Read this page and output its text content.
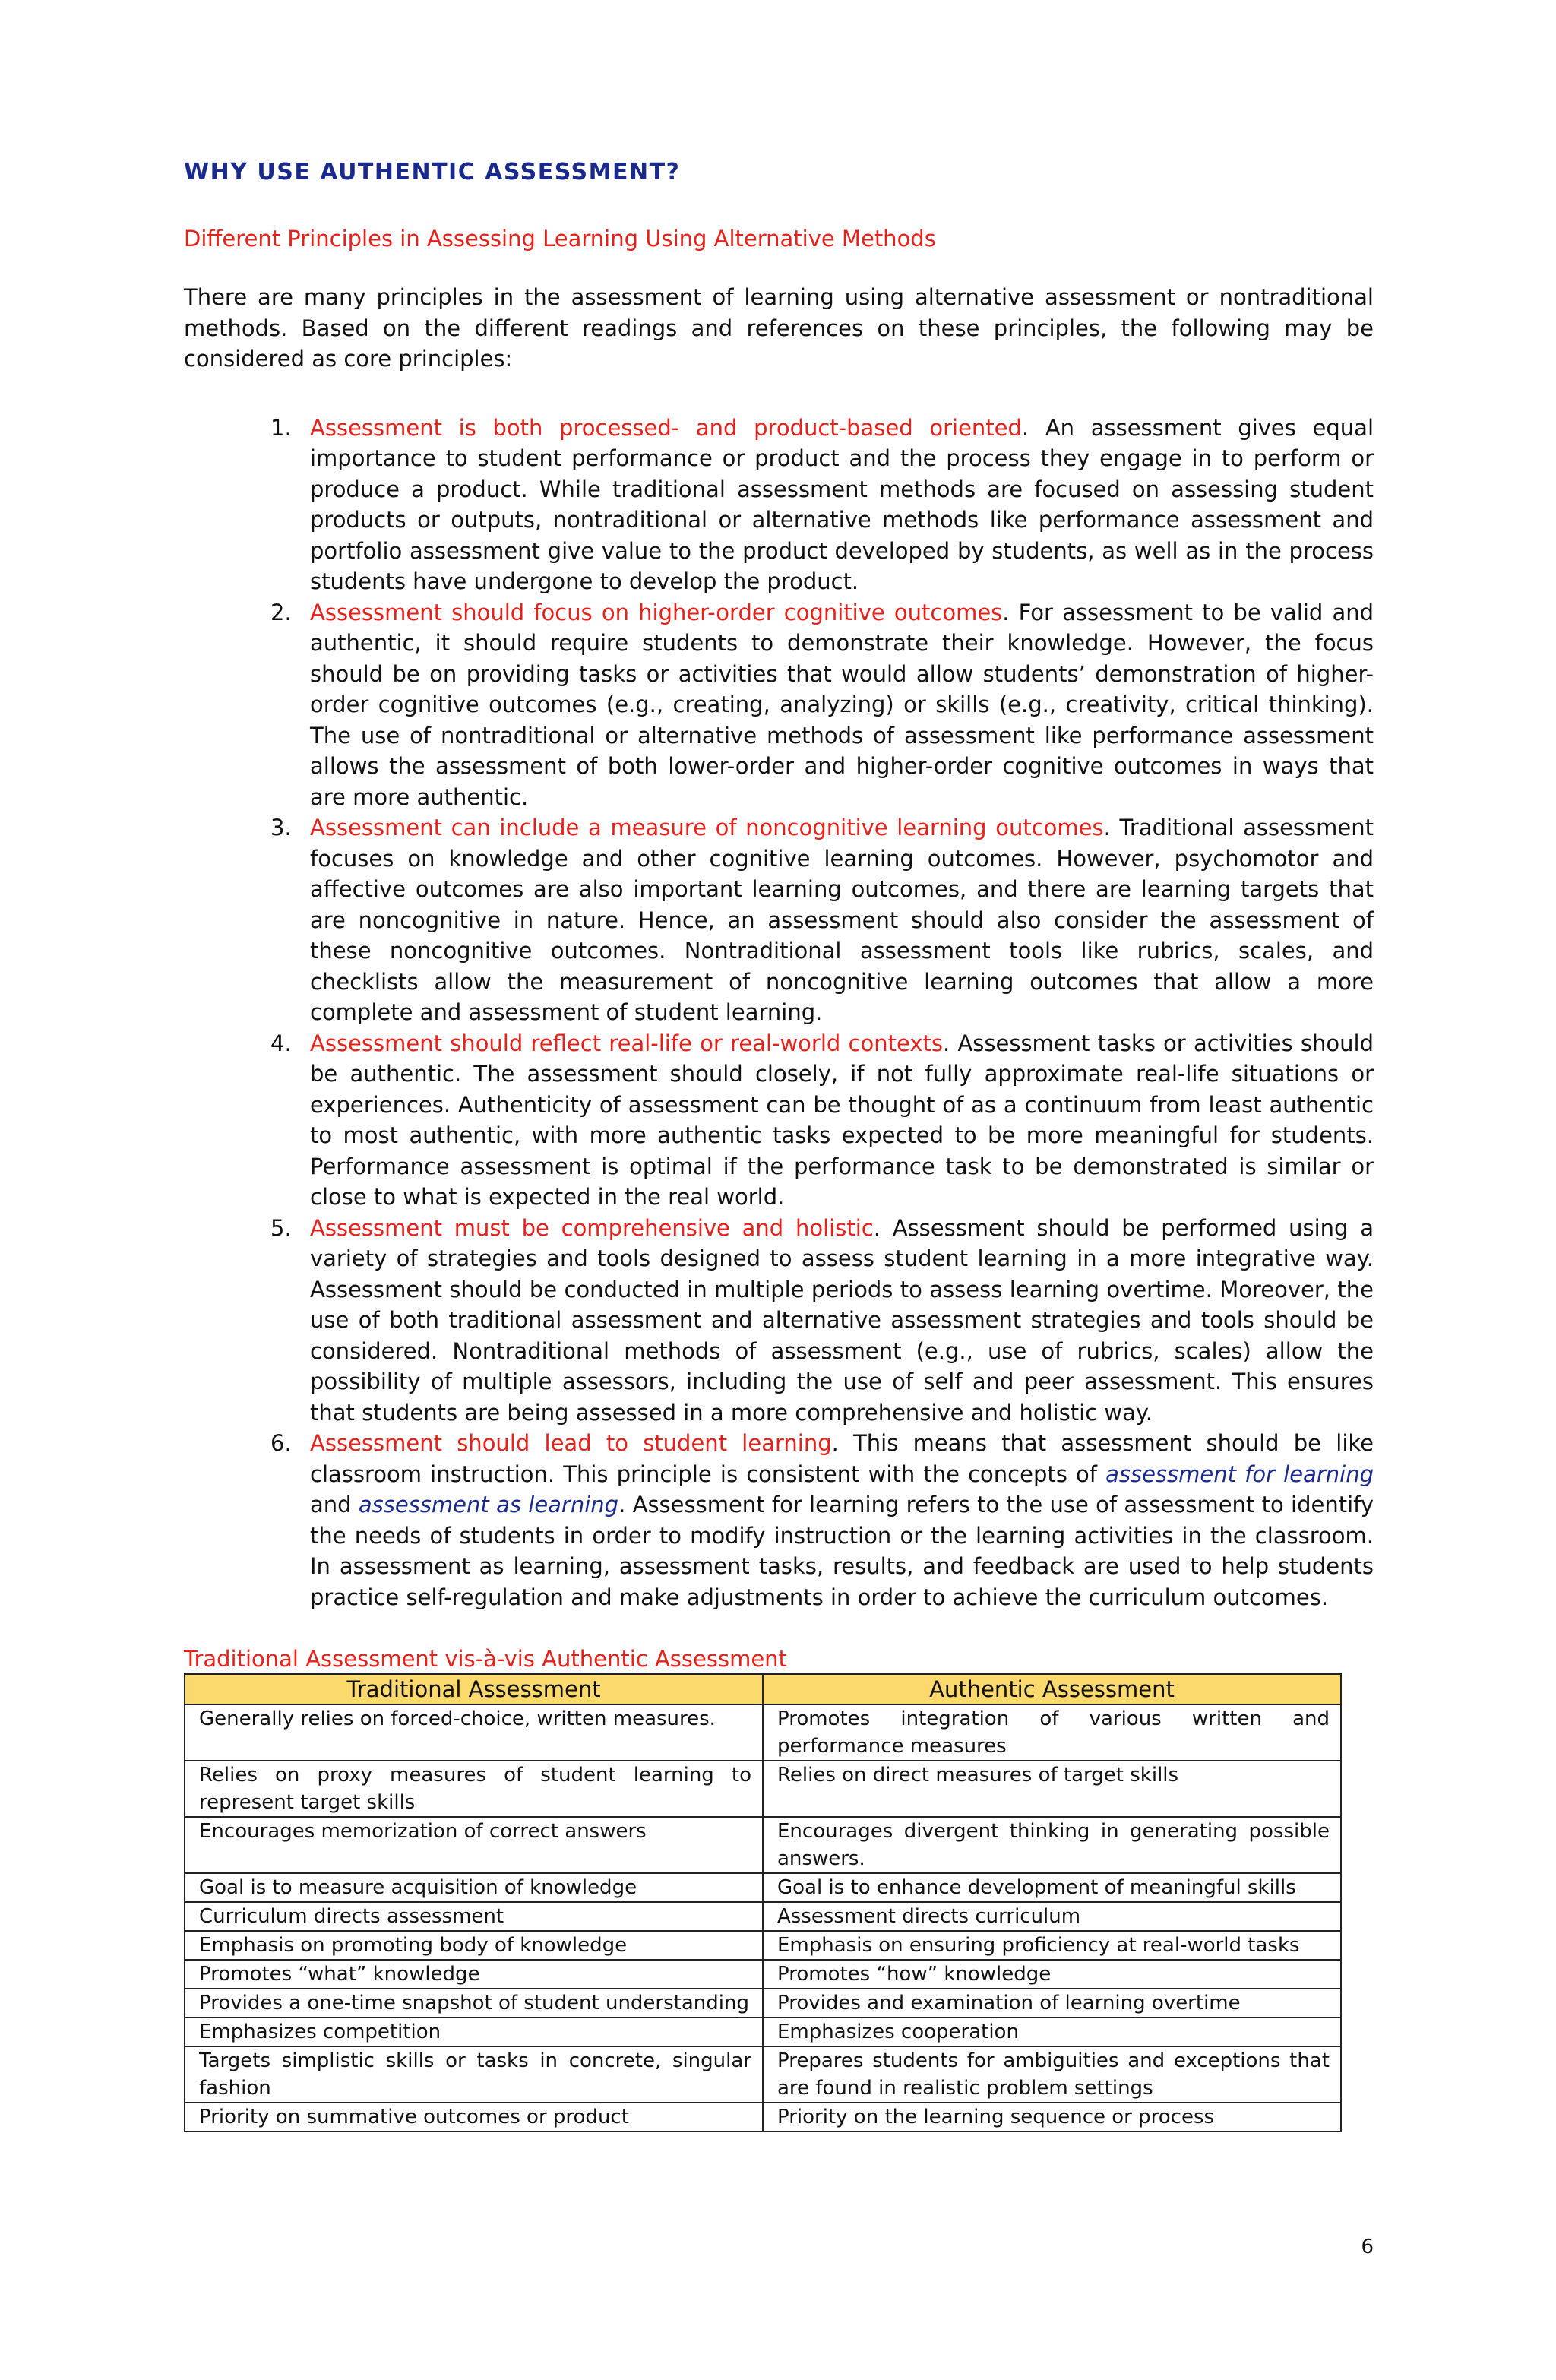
WHY USE AUTHENTIC ASSESSMENT?
Different Principles in Assessing Learning Using Alternative Methods

There are many principles in the assessment of learning using alternative assessment or nontraditional methods. Based on the different readings and references on these principles, the following may be considered as core principles:

1. Assessment is both processed- and product-based oriented. An assessment gives equal importance to student performance or product and the process they engage in to perform or produce a product. While traditional assessment methods are focused on assessing student products or outputs, nontraditional or alternative methods like performance assessment and portfolio assessment give value to the product developed by students, as well as in the process students have undergone to develop the product.
2. Assessment should focus on higher-order cognitive outcomes. For assessment to be valid and authentic, it should require students to demonstrate their knowledge. However, the focus should be on providing tasks or activities that would allow students’ demonstration of higher-order cognitive outcomes (e.g., creating, analyzing) or skills (e.g., creativity, critical thinking). The use of nontraditional or alternative methods of assessment like performance assessment allows the assessment of both lower-order and higher-order cognitive outcomes in ways that are more authentic.
3. Assessment can include a measure of noncognitive learning outcomes. Traditional assessment focuses on knowledge and other cognitive learning outcomes. However, psychomotor and affective outcomes are also important learning outcomes, and there are learning targets that are noncognitive in nature. Hence, an assessment should also consider the assessment of these noncognitive outcomes. Nontraditional assessment tools like rubrics, scales, and checklists allow the measurement of noncognitive learning outcomes that allow a more complete and assessment of student learning.
4. Assessment should reflect real-life or real-world contexts. Assessment tasks or activities should be authentic. The assessment should closely, if not fully approximate real-life situations or experiences. Authenticity of assessment can be thought of as a continuum from least authentic to most authentic, with more authentic tasks expected to be more meaningful for students. Performance assessment is optimal if the performance task to be demonstrated is similar or close to what is expected in the real world.
5. Assessment must be comprehensive and holistic. Assessment should be performed using a variety of strategies and tools designed to assess student learning in a more integrative way. Assessment should be conducted in multiple periods to assess learning overtime. Moreover, the use of both traditional assessment and alternative assessment strategies and tools should be considered. Nontraditional methods of assessment (e.g., use of rubrics, scales) allow the possibility of multiple assessors, including the use of self and peer assessment. This ensures that students are being assessed in a more comprehensive and holistic way.
6. Assessment should lead to student learning. This means that assessment should be like classroom instruction. This principle is consistent with the concepts of assessment for learning and assessment as learning. Assessment for learning refers to the use of assessment to identify the needs of students in order to modify instruction or the learning activities in the classroom. In assessment as learning, assessment tasks, results, and feedback are used to help students practice self-regulation and make adjustments in order to achieve the curriculum outcomes.
Traditional Assessment vis-à-vis Authentic Assessment
Traditional Assessment	Authentic Assessment
Generally relies on forced-choice, written measures.	Promotes integration of various written and performance measures
Relies on proxy measures of student learning to represent target skills	Relies on direct measures of target skills
Encourages memorization of correct answers	Encourages divergent thinking in generating possible answers.
Goal is to measure acquisition of knowledge	Goal is to enhance development of meaningful skills
Curriculum directs assessment	Assessment directs curriculum
Emphasis on promoting body of knowledge	Emphasis on ensuring proficiency at real-world tasks
Promotes “what” knowledge	Promotes “how” knowledge
Provides a one-time snapshot of student understanding	Provides and examination of learning overtime
Emphasizes competition	Emphasizes cooperation
Targets simplistic skills or tasks in concrete, singular fashion	Prepares students for ambiguities and exceptions that are found in realistic problem settings
Priority on summative outcomes or product	Priority on the learning sequence or process
6
